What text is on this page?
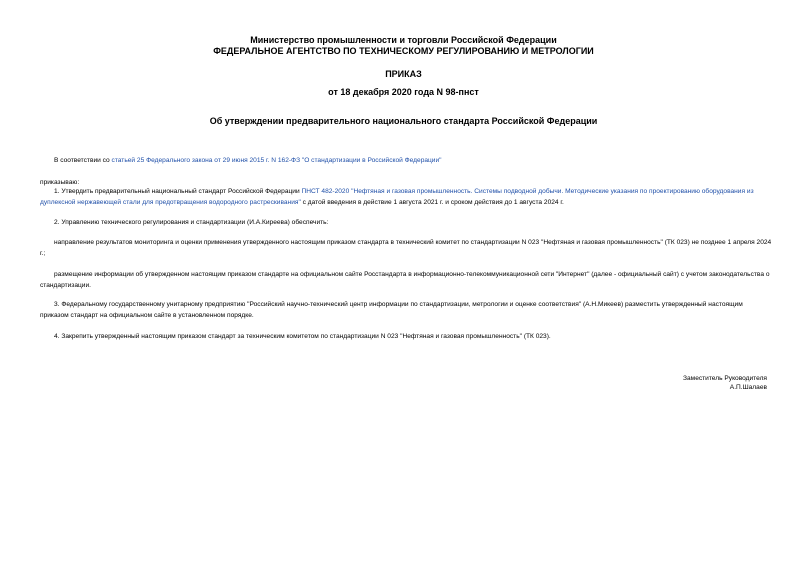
Министерство промышленности и торговли Российской Федерации
ФЕДЕРАЛЬНОЕ АГЕНТСТВО ПО ТЕХНИЧЕСКОМУ РЕГУЛИРОВАНИЮ И МЕТРОЛОГИИ
ПРИКАЗ
от 18 декабря 2020 года N 98-пнст
Об утверждении предварительного национального стандарта Российской Федерации
В соответствии со статьей 25 Федерального закона от 29 июня 2015 г. N 162-ФЗ "О стандартизации в Российской Федерации"
приказываю:
1. Утвердить предварительный национальный стандарт Российской Федерации ПНСТ 482-2020 "Нефтяная и газовая промышленность. Системы подводной добычи. Методические указания по проектированию оборудования из дуплексной нержавеющей стали для предотвращения водородного растрескивания" с датой введения в действие 1 августа 2021 г. и сроком действия до 1 августа 2024 г.
2. Управлению технического регулирования и стандартизации (И.А.Киреева) обеспечить:
направление результатов мониторинга и оценки применения утвержденного настоящим приказом стандарта в технический комитет по стандартизации N 023 "Нефтяная и газовая промышленность" (ТК 023) не позднее 1 апреля 2024 г.;
размещение информации об утвержденном настоящим приказом стандарте на официальном сайте Росстандарта в информационно-телекоммуникационной сети "Интернет" (далее - официальный сайт) с учетом законодательства о стандартизации.
3. Федеральному государственному унитарному предприятию "Российский научно-технический центр информации по стандартизации, метрологии и оценке соответствия" (А.Н.Микеев) разместить утвержденный настоящим приказом стандарт на официальном сайте в установленном порядке.
4. Закрепить утвержденный настоящим приказом стандарт за техническим комитетом по стандартизации N 023 "Нефтяная и газовая промышленность" (ТК 023).
Заместитель Руководителя
А.П.Шалаев
